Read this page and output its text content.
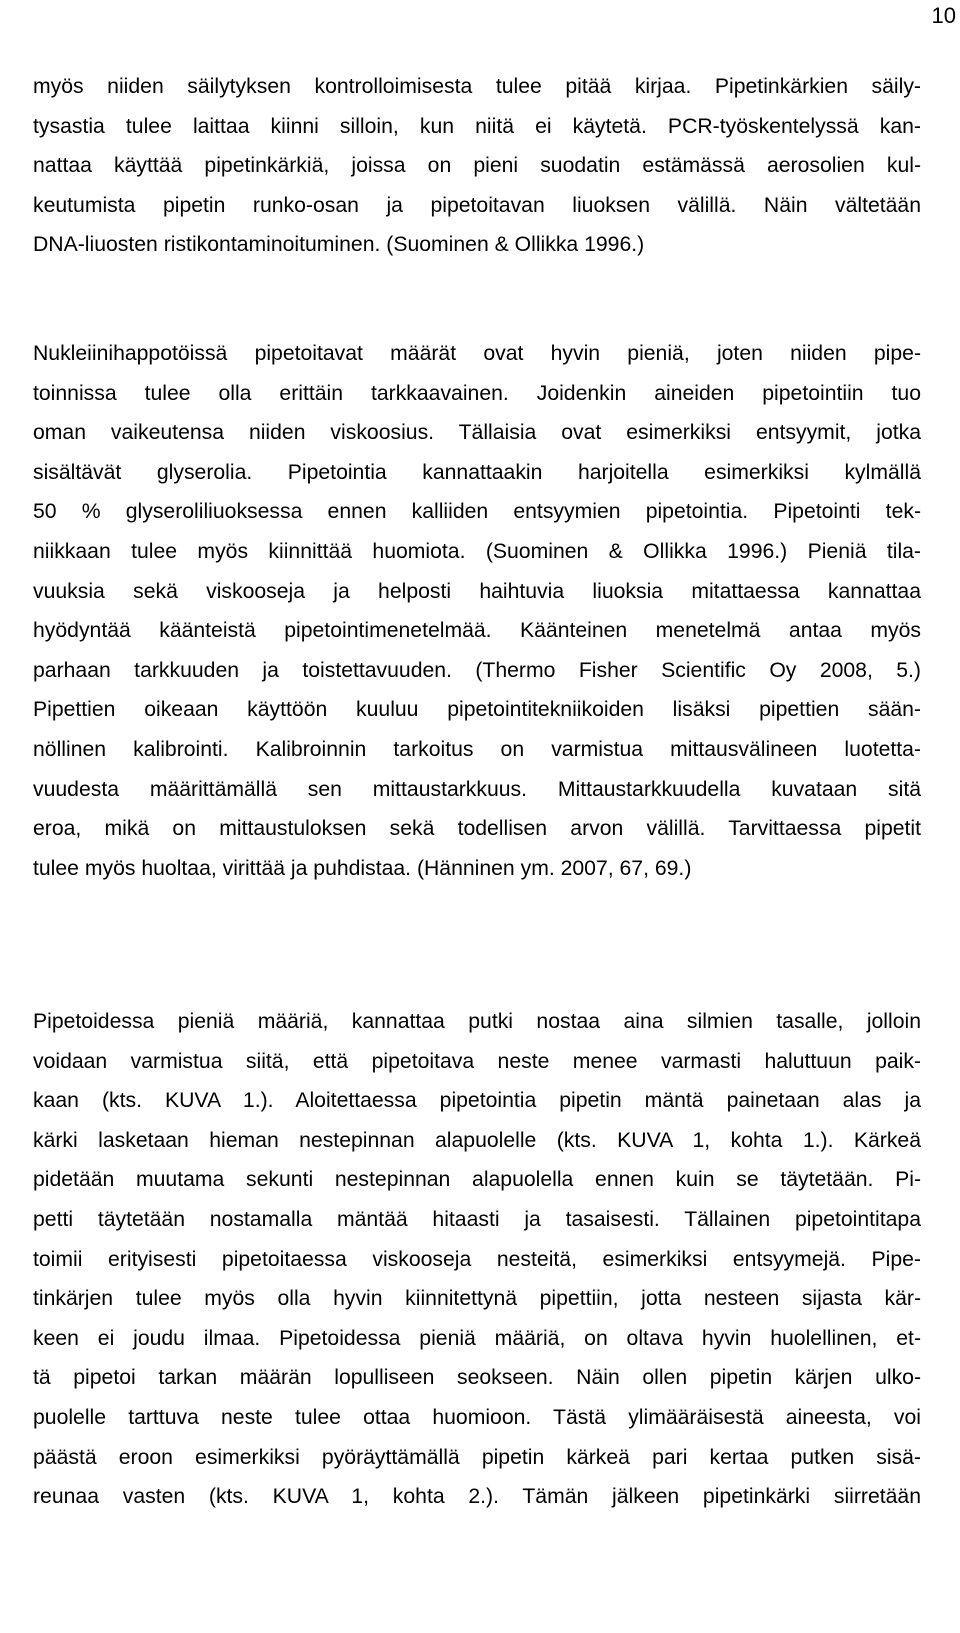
10
myös niiden säilytyksen kontrolloimisesta tulee pitää kirjaa. Pipetinkärkien säily-
tysastia tulee laittaa kiinni silloin, kun niitä ei käytetä. PCR-työskentelyssä kan-
nattaa käyttää pipetinkärkiä, joissa on pieni suodatin estämässä aerosolien kul-
keutumista pipetin runko-osan ja pipetoitavan liuoksen välillä. Näin vältetään
DNA-liuosten ristikontaminoituminen. (Suominen & Ollikka 1996.)
Nukleiinihappotöissä pipetoitavat määrät ovat hyvin pieniä, joten niiden pipe-
toinnissa tulee olla erittäin tarkkaavainen. Joidenkin aineiden pipetointiin tuo
oman vaikeutensa niiden viskoosius. Tällaisia ovat esimerkiksi entsyymit, jotka
sisältävät glyserolia. Pipetointia kannattaakin harjoitella esimerkiksi kylmällä
50 % glyseroliliuoksessa ennen kalliiden entsyymien pipetointia. Pipetointi tek-
niikkaan tulee myös kiinnittää huomiota. (Suominen & Ollikka 1996.) Pieniä tila-
vuuksia sekä viskooseja ja helposti haihtuvia liuoksia mitattaessa kannattaa
hyödyntää käänteistä pipetointimenetelmää. Käänteinen menetelmä antaa myös
parhaan tarkkuuden ja toistettavuuden. (Thermo Fisher Scientific Oy 2008, 5.)
Pipettien oikeaan käyttöön kuuluu pipetointitekniikoiden lisäksi pipettien sään-
nöllinen kalibrointi. Kalibroinnin tarkoitus on varmistua mittausvälineen luotetta-
vuudesta määrittämällä sen mittaustarkkuus. Mittaustarkkuudella kuvataan sitä
eroa, mikä on mittaustuloksen sekä todellisen arvon välillä. Tarvittaessa pipetit
tulee myös huoltaa, virittää ja puhdistaa. (Hänninen ym. 2007, 67, 69.)
Pipetoidessa pieniä määriä, kannattaa putki nostaa aina silmien tasalle, jolloin
voidaan varmistua siitä, että pipetoitava neste menee varmasti haluttuun paik-
kaan (kts. KUVA 1.). Aloitettaessa pipetointia pipetin mäntä painetaan alas ja
kärki lasketaan hieman nestepinnan alapuolelle (kts. KUVA 1, kohta 1.). Kärkeä
pidetään muutama sekunti nestepinnan alapuolella ennen kuin se täytetään. Pi-
petti täytetään nostamalla mäntää hitaasti ja tasaisesti. Tällainen pipetointitapa
toimii erityisesti pipetoitaessa viskooseja nesteitä, esimerkiksi entsyymejä. Pipe-
tinkärjen tulee myös olla hyvin kiinnitettynä pipettiin, jotta nesteen sijasta kär-
keen ei joudu ilmaa. Pipetoidessa pieniä määriä, on oltava hyvin huolellinen, et-
tä pipetoi tarkan määrän lopulliseen seokseen. Näin ollen pipetin kärjen ulko-
puolelle tarttuva neste tulee ottaa huomioon. Tästä ylimääräisestä aineesta, voi
päästä eroon esimerkiksi pyöräyttämällä pipetin kärkeä pari kertaa putken sisä-
reunaa vasten (kts. KUVA 1, kohta 2.). Tämän jälkeen pipetinkärki siirretään
